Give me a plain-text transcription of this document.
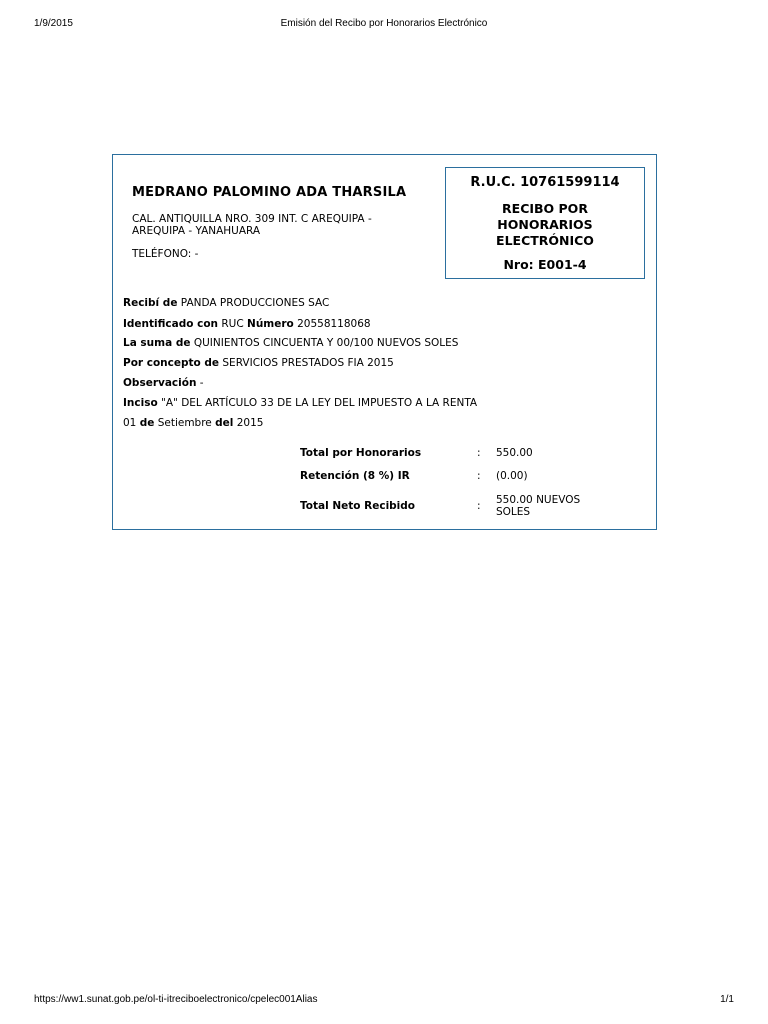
1/9/2015	Emisión del Recibo por Honorarios Electrónico
MEDRANO PALOMINO ADA THARSILA
CAL. ANTIQUILLA NRO. 309 INT. C AREQUIPA - AREQUIPA - YANAHUARA
TELÉFONO: -
R.U.C. 10761599114
RECIBO POR
HONORARIOS
ELECTRÓNICO
Nro: E001-4
Recibí de PANDA PRODUCCIONES SAC
Identificado con RUC Número 20558118068
La suma de QUINIENTOS CINCUENTA Y 00/100 NUEVOS SOLES
Por concepto de SERVICIOS PRESTADOS FIA 2015
Observación -
Inciso "A" DEL ARTÍCULO 33 DE LA LEY DEL IMPUESTO A LA RENTA
01 de Setiembre del 2015
Total por Honorarios	: 550.00
Retención (8 %) IR	: (0.00)
Total Neto Recibido	: 550.00 NUEVOS SOLES
https://ww1.sunat.gob.pe/ol-ti-itreciboelectronico/cpelec001Alias	1/1
